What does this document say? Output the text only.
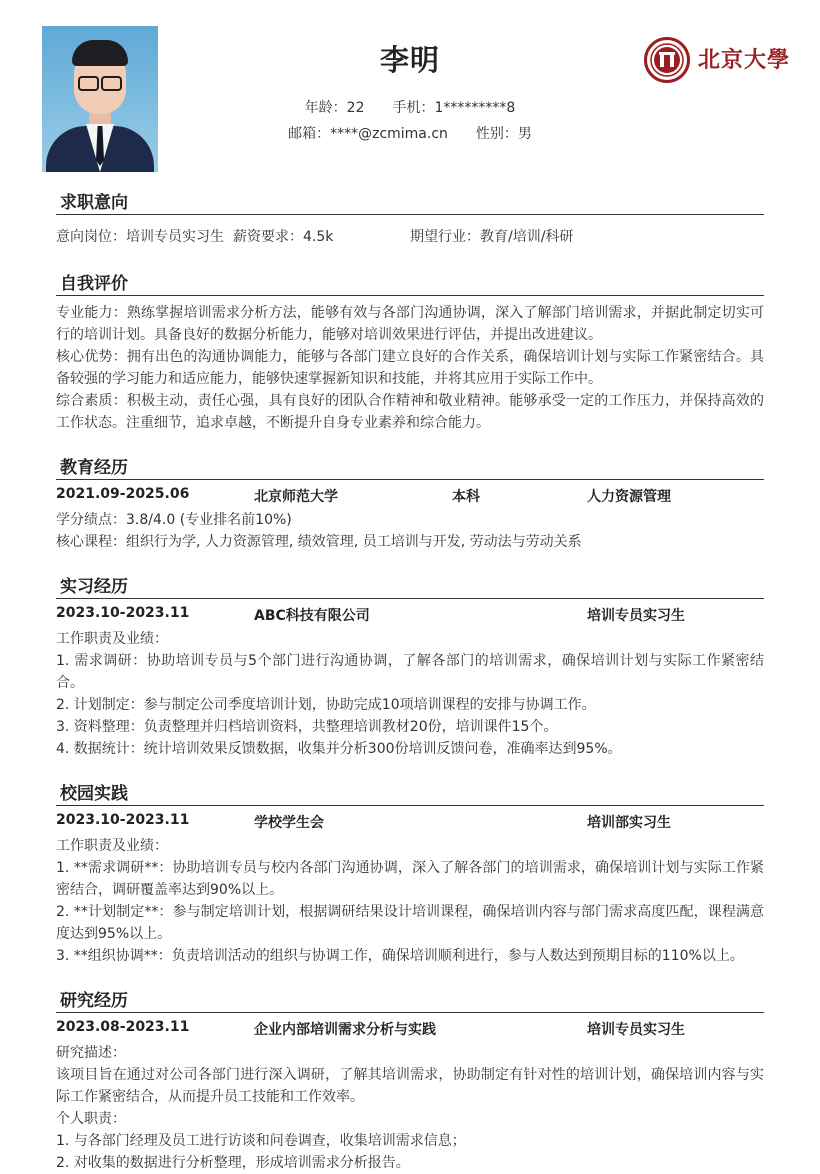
李明
年龄：22 手机：1*********8
邮箱：****@zcmima.cn 性别：男
北京大學
求职意向
意向岗位：培训专员实习生 薪资要求：4.5k	期望行业：教育/培训/科研
自我评价
专业能力：熟练掌握培训需求分析方法，能够有效与各部门沟通协调，深入了解部门培训需求，并据此制定切实可行的培训计划。具备良好的数据分析能力，能够对培训效果进行评估，并提出改进建议。
核心优势：拥有出色的沟通协调能力，能够与各部门建立良好的合作关系，确保培训计划与实际工作紧密结合。具备较强的学习能力和适应能力，能够快速掌握新知识和技能，并将其应用于实际工作中。
综合素质：积极主动，责任心强，具有良好的团队合作精神和敬业精神。能够承受一定的工作压力，并保持高效的工作状态。注重细节，追求卓越，不断提升自身专业素养和综合能力。
教育经历
2021.09-2025.06	北京师范大学	本科	人力资源管理
学分绩点：3.8/4.0 (专业排名前10%)
核心课程：组织行为学, 人力资源管理, 绩效管理, 员工培训与开发, 劳动法与劳动关系
实习经历
2023.10-2023.11	ABC科技有限公司	培训专员实习生
工作职责及业绩：
1. 需求调研：协助培训专员与5个部门进行沟通协调，了解各部门的培训需求，确保培训计划与实际工作紧密结合。
2. 计划制定：参与制定公司季度培训计划，协助完成10项培训课程的安排与协调工作。
3. 资料整理：负责整理并归档培训资料，共整理培训教材20份，培训课件15个。
4. 数据统计：统计培训效果反馈数据，收集并分析300份培训反馈问卷，准确率达到95%。
校园实践
2023.10-2023.11	学校学生会	培训部实习生
工作职责及业绩：
1. **需求调研**：协助培训专员与校内各部门沟通协调，深入了解各部门的培训需求，确保培训计划与实际工作紧密结合，调研覆盖率达到90%以上。
2. **计划制定**：参与制定培训计划，根据调研结果设计培训课程，确保培训内容与部门需求高度匹配，课程满意度达到95%以上。
3. **组织协调**：负责培训活动的组织与协调工作，确保培训顺利进行，参与人数达到预期目标的110%以上。
研究经历
2023.08-2023.11	企业内部培训需求分析与实践	培训专员实习生
研究描述：
该项目旨在通过对公司各部门进行深入调研，了解其培训需求，协助制定有针对性的培训计划，确保培训内容与实际工作紧密结合，从而提升员工技能和工作效率。
个人职责：
1. 与各部门经理及员工进行访谈和问卷调查，收集培训需求信息；
2. 对收集的数据进行分析整理，形成培训需求分析报告。
